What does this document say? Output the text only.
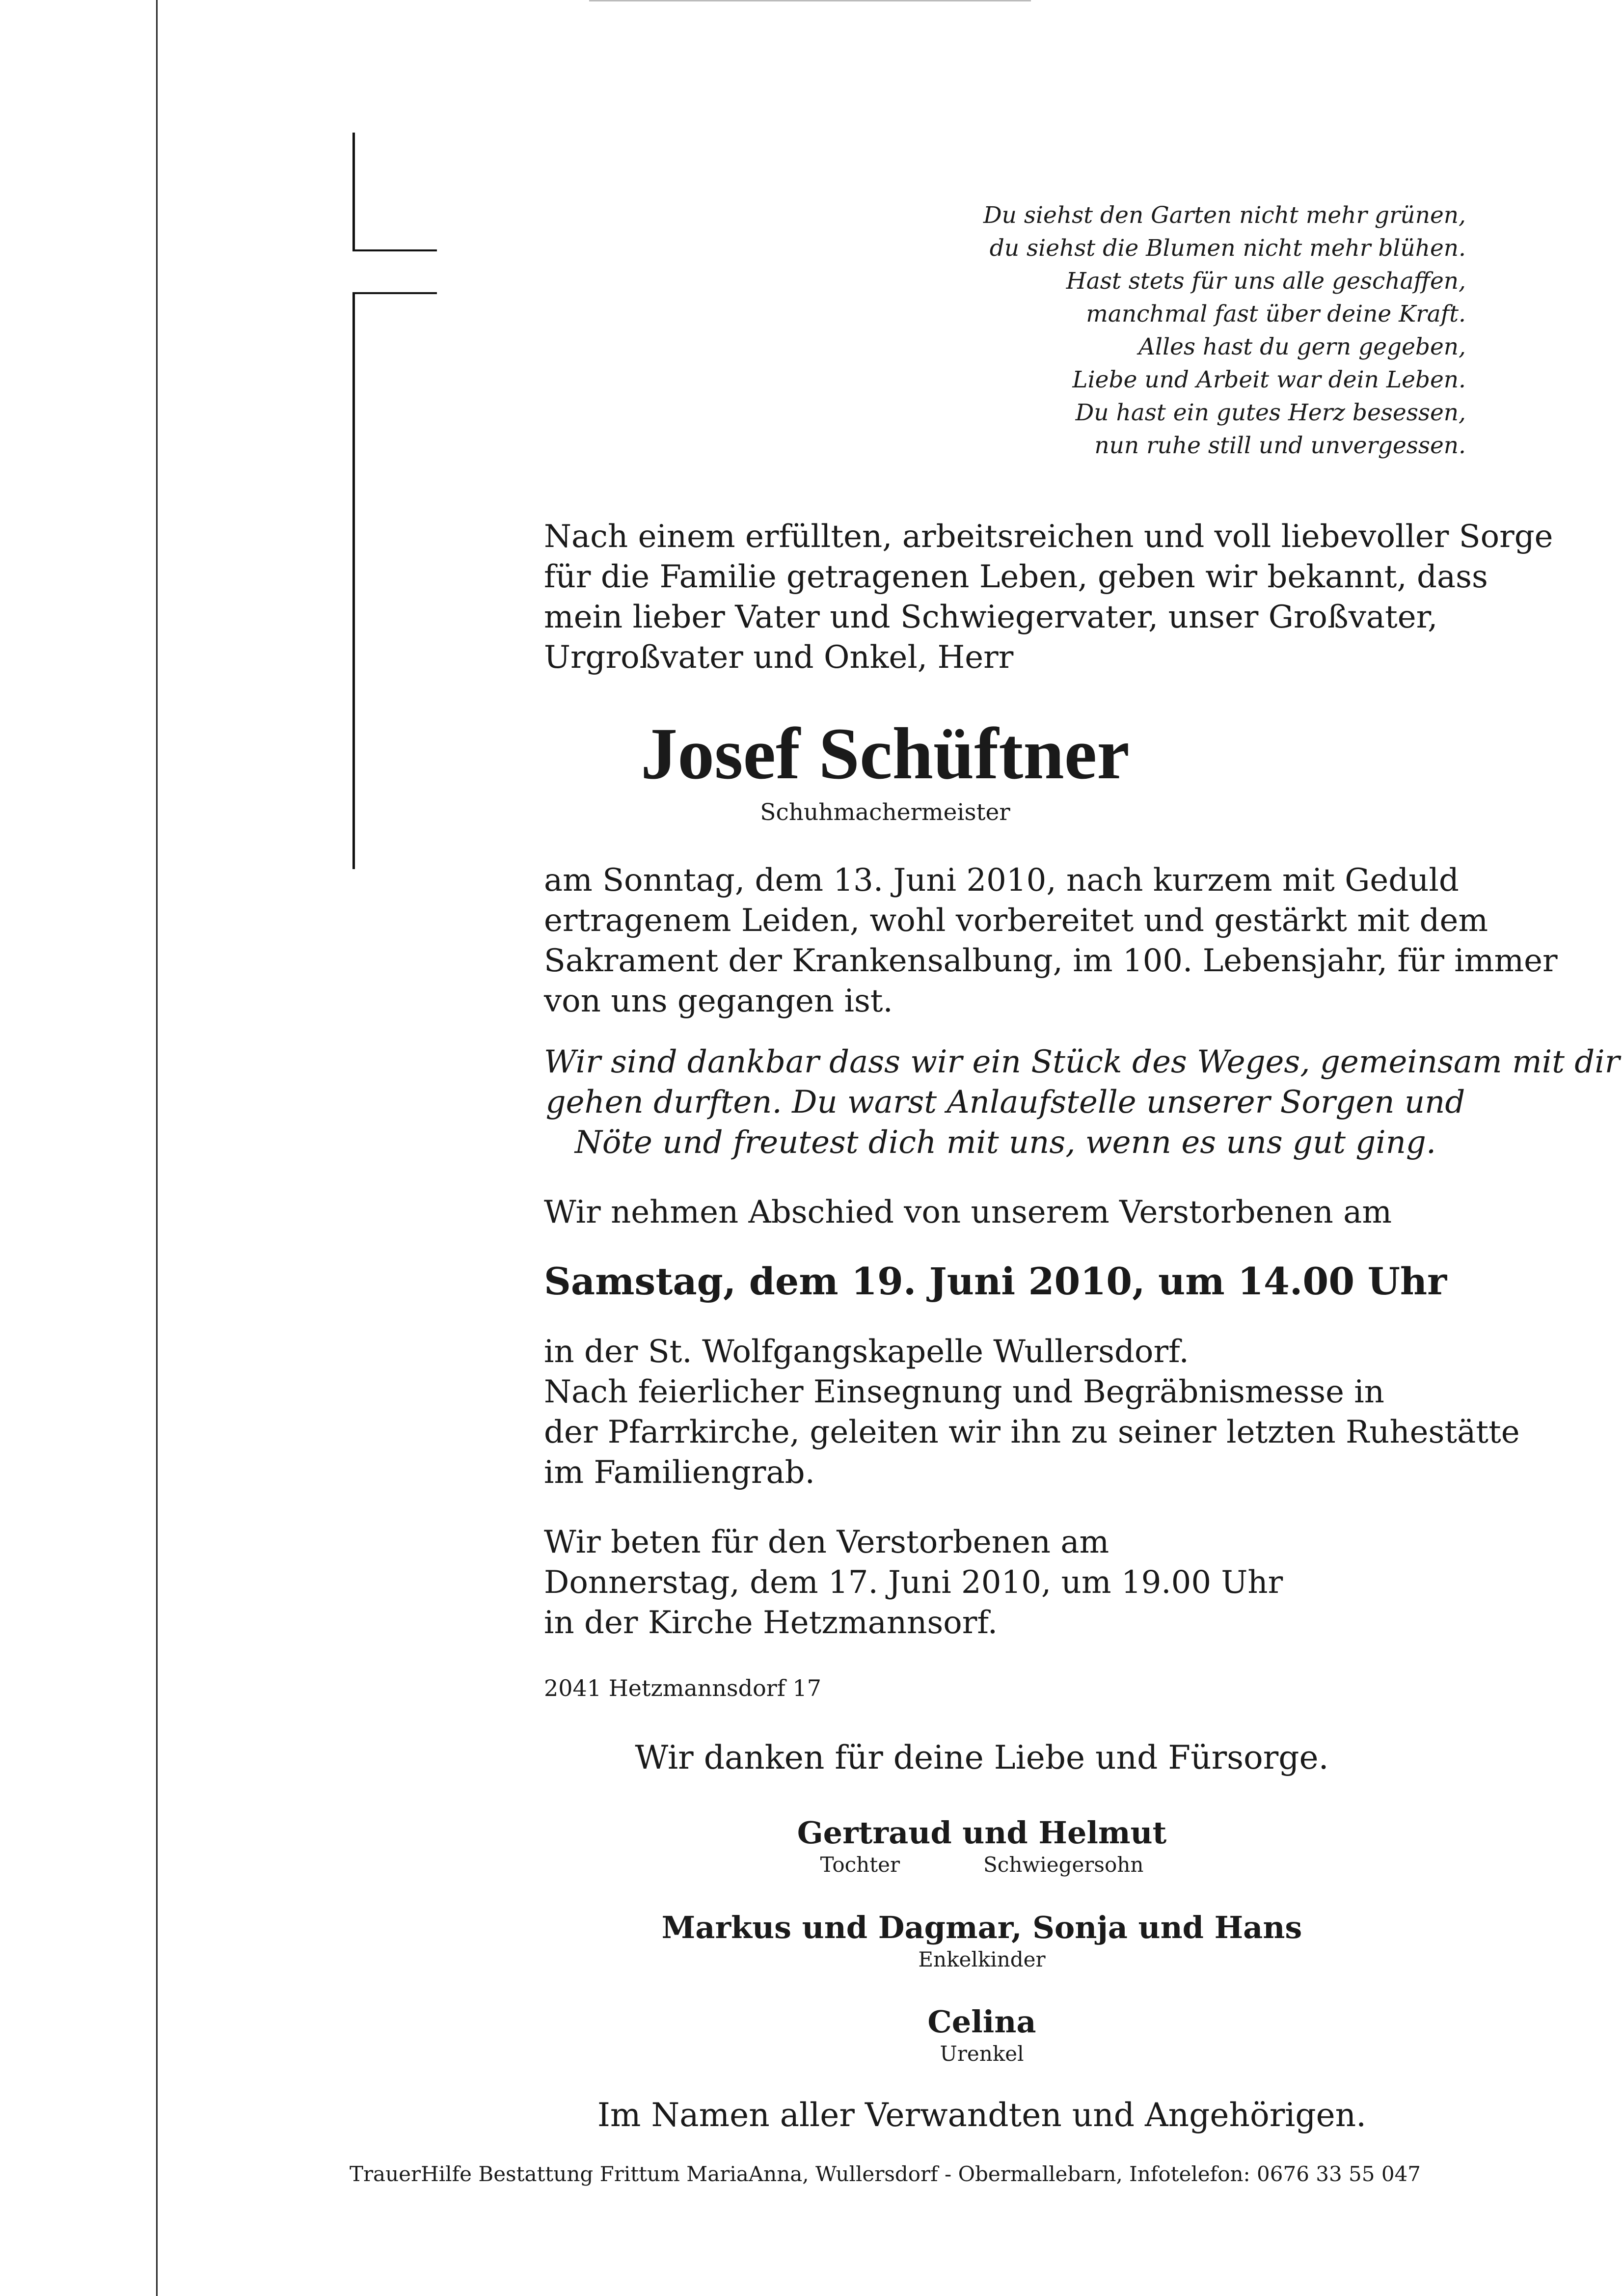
Du siehst den Garten nicht mehr grünen,
du siehst die Blumen nicht mehr blühen.
Hast stets für uns alle geschaffen,
manchmal fast über deine Kraft.
Alles hast du gern gegeben,
Liebe und Arbeit war dein Leben.
Du hast ein gutes Herz besessen,
nun ruhe still und unvergessen.
Nach einem erfüllten, arbeitsreichen und voll liebevoller Sorge
für die Familie getragenen Leben, geben wir bekannt, dass
mein lieber Vater und Schwiegervater, unser Großvater,
Urgroßvater und Onkel, Herr
Josef Schüftner
Schuhmachermeister
am Sonntag, dem 13. Juni 2010, nach kurzem mit Geduld
ertragenem Leiden, wohl vorbereitet und gestärkt mit dem
Sakrament der Krankensalbung, im 100. Lebensjahr, für immer
von uns gegangen ist.
Wir sind dankbar dass wir ein Stück des Weges, gemeinsam mit dir
gehen durften. Du warst Anlaufstelle unserer Sorgen und
Nöte und freutest dich mit uns, wenn es uns gut ging.
Wir nehmen Abschied von unserem Verstorbenen am
Samstag, dem 19. Juni 2010, um 14.00 Uhr
in der St. Wolfgangskapelle Wullersdorf.
Nach feierlicher Einsegnung und Begräbnismesse in
der Pfarrkirche, geleiten wir ihn zu seiner letzten Ruhestätte
im Familiengrab.
Wir beten für den Verstorbenen am
Donnerstag, dem 17. Juni 2010, um 19.00 Uhr
in der Kirche Hetzmannsorf.
2041 Hetzmannsdorf 17
Wir danken für deine Liebe und Fürsorge.
Gertraud und Helmut
Tochter	Schwiegersohn
Markus und Dagmar, Sonja und Hans
Enkelkinder
Celina
Urenkel
Im Namen aller Verwandten und Angehörigen.
TrauerHilfe Bestattung Frittum MariaAnna, Wullersdorf - Obermallebarn, Infotelefon: 0676 33 55 047
